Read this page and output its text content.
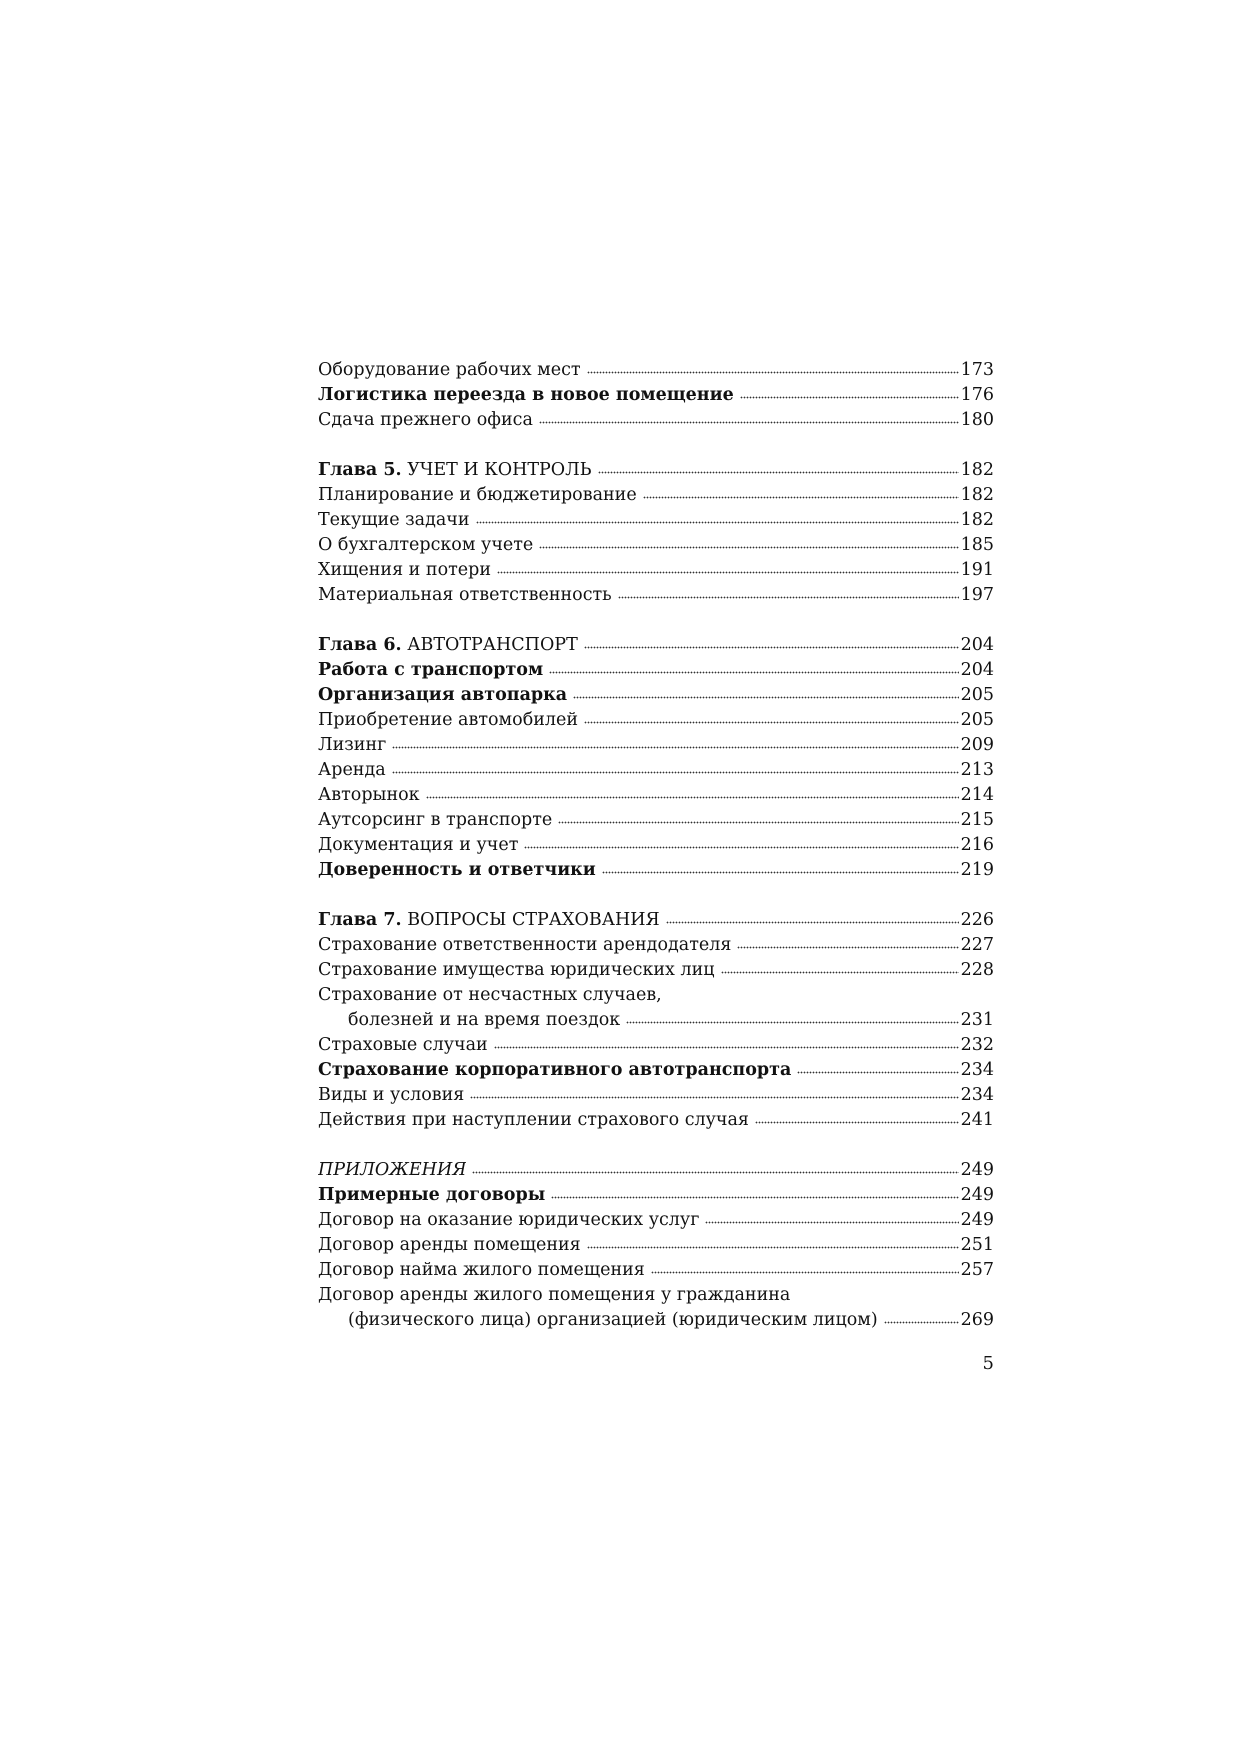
Оборудование рабочих мест	173
Логистика переезда в новое помещение	176
Сдача прежнего офиса	180
Глава 5. УЧЕТ И КОНТРОЛЬ	182
Планирование и бюджетирование	182
Текущие задачи	182
О бухгалтерском учете	185
Хищения и потери	191
Материальная ответственность	197
Глава 6. АВТОТРАНСПОРТ	204
Работа с транспортом	204
Организация автопарка	205
Приобретение автомобилей	205
Лизинг	209
Аренда	213
Авторынок	214
Аутсорсинг в транспорте	215
Документация и учет	216
Доверенность и ответчики	219
Глава 7. ВОПРОСЫ СТРАХОВАНИЯ	226
Страхование ответственности арендодателя	227
Страхование имущества юридических лиц	228
Страхование от несчастных случаев,
болезней и на время поездок	231
Страховые случаи	232
Страхование корпоративного автотранспорта	234
Виды и условия	234
Действия при наступлении страхового случая	241
ПРИЛОЖЕНИЯ	249
Примерные договоры	249
Договор на оказание юридических услуг	249
Договор аренды помещения	251
Договор найма жилого помещения	257
Договор аренды жилого помещения у гражданина
(физического лица) организацией (юридическим лицом)	269
5
